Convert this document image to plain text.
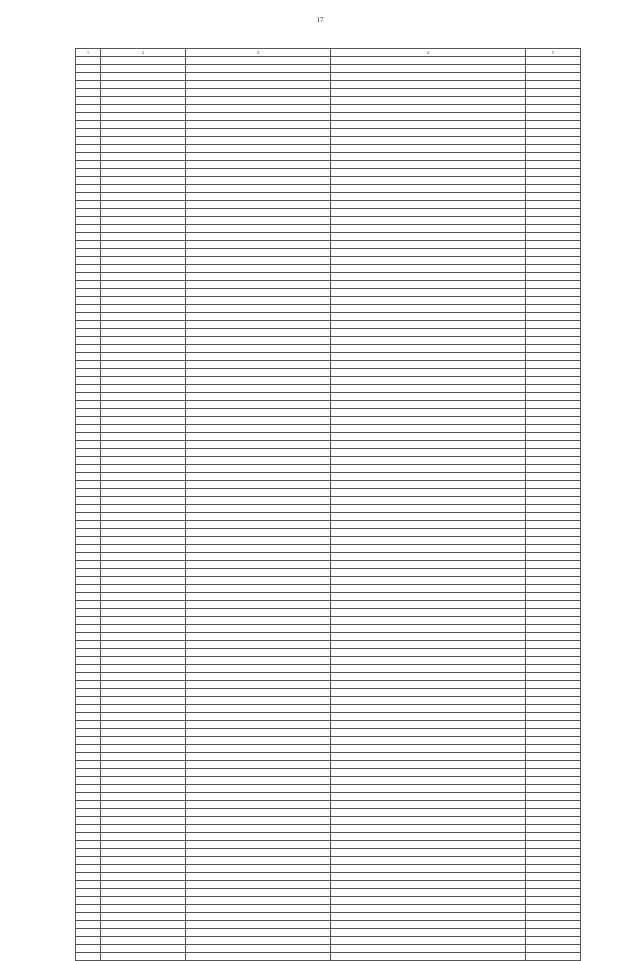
17
1	2	3	4	5
